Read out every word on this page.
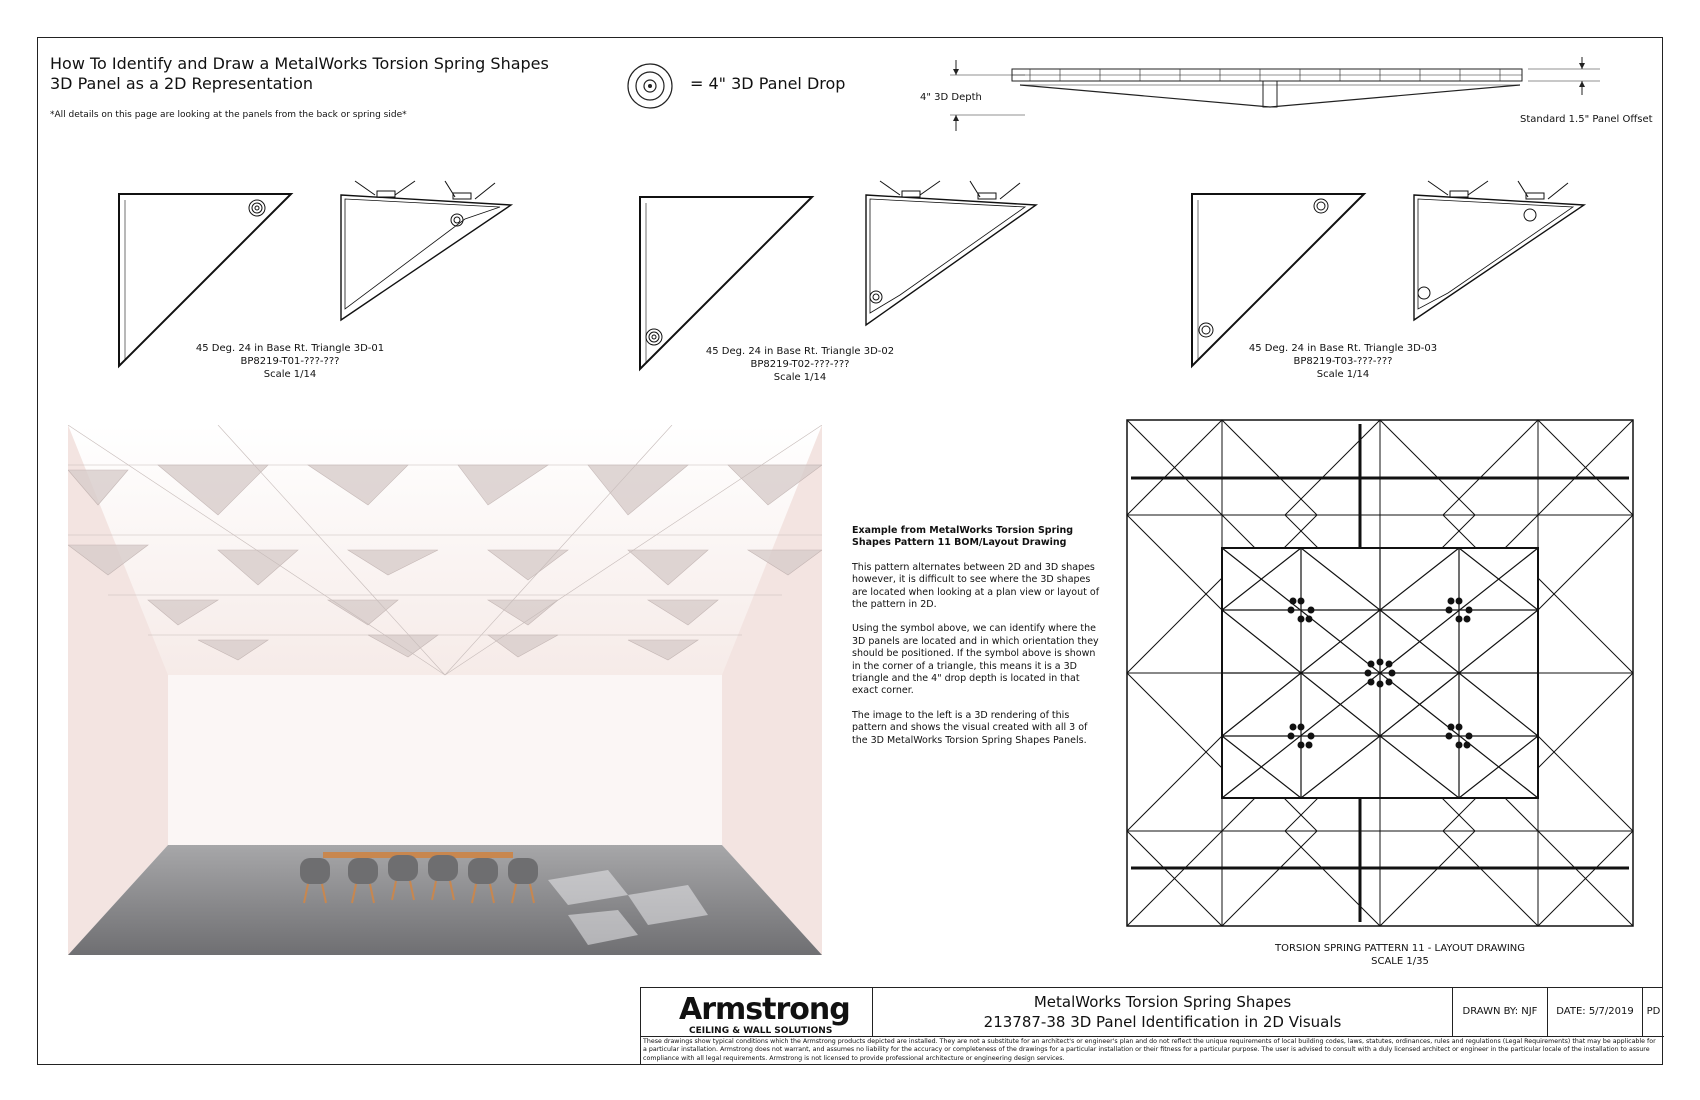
How To Identify and Draw a MetalWorks Torsion Spring Shapes
3D Panel as a 2D Representation
*All details on this page are looking at the panels from the back or spring side*
= 4" 3D Panel Drop
4" 3D Depth
Standard 1.5" Panel Offset
45 Deg. 24 in Base Rt. Triangle 3D-01
BP8219-T01-???-???
Scale 1/14
45 Deg. 24 in Base Rt. Triangle 3D-02
BP8219-T02-???-???
Scale 1/14
45 Deg. 24 in Base Rt. Triangle 3D-03
BP8219-T03-???-???
Scale 1/14

Example from MetalWorks Torsion Spring Shapes Pattern 11 BOM/Layout Drawing

This pattern alternates between 2D and 3D shapes however, it is difficult to see where the 3D shapes are located when looking at a plan view or layout of the pattern in 2D.

Using the symbol above, we can identify where the 3D panels are located and in which orientation they should be positioned. If the symbol above is shown in the corner of a triangle, this means it is a 3D triangle and the 4" drop depth is located in that exact corner.

The image to the left is a 3D rendering of this pattern and shows the visual created with all 3 of the 3D MetalWorks Torsion Spring Shapes Panels.

TORSION SPRING PATTERN 11 - LAYOUT DRAWING
SCALE 1/35
Armstrong
CEILING & WALL SOLUTIONS
MetalWorks Torsion Spring Shapes
213787-38 3D Panel Identification in 2D Visuals
DRAWN BY: NJF	DATE: 5/7/2019	PD
These drawings show typical conditions which the Armstrong products depicted are installed. They are not a substitute for an architect's or engineer's plan and do not reflect the unique requirements of local building codes, laws, statutes, ordinances, rules and regulations (Legal Requirements) that may be applicable for a particular installation. Armstrong does not warrant, and assumes no liability for the accuracy or completeness of the drawings for a particular installation or their fitness for a particular purpose. The user is advised to consult with a duly licensed architect or engineer in the particular locale of the installation to assure compliance with all legal requirements. Armstrong is not licensed to provide professional architecture or engineering design services.
